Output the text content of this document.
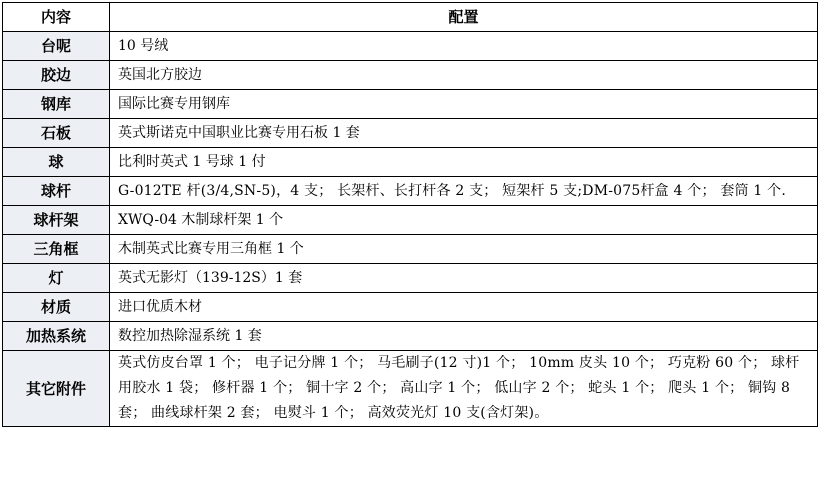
内容	配置
台呢	10 号绒
胶边	英国北方胶边
钢库	国际比赛专用钢库
石板	英式斯诺克中国职业比赛专用石板 1 套
球	比利时英式 1 号球 1 付
球杆	G-012TE 杆(3/4,SN-5)，4 支； 长架杆、长打杆各 2 支； 短架杆 5 支;DM-075杆盒 4 个； 套筒 1 个.
球杆架	XWQ-04 木制球杆架 1 个
三角框	木制英式比赛专用三角框 1 个
灯	英式无影灯（139-12S）1 套
材质	进口优质木材
加热系统	数控加热除湿系统 1 套
其它附件	英式仿皮台罩 1 个； 电子记分牌 1 个； 马毛刷子(12 寸)1 个； 10mm 皮头 10 个； 巧克粉 60 个； 球杆用胶水 1 袋； 修杆器 1 个； 铜十字 2 个； 高山字 1 个； 低山字 2 个； 蛇头 1 个； 爬头 1 个； 铜钩 8 套； 曲线球杆架 2 套； 电熨斗 1 个； 高效荧光灯 10 支(含灯架)。
